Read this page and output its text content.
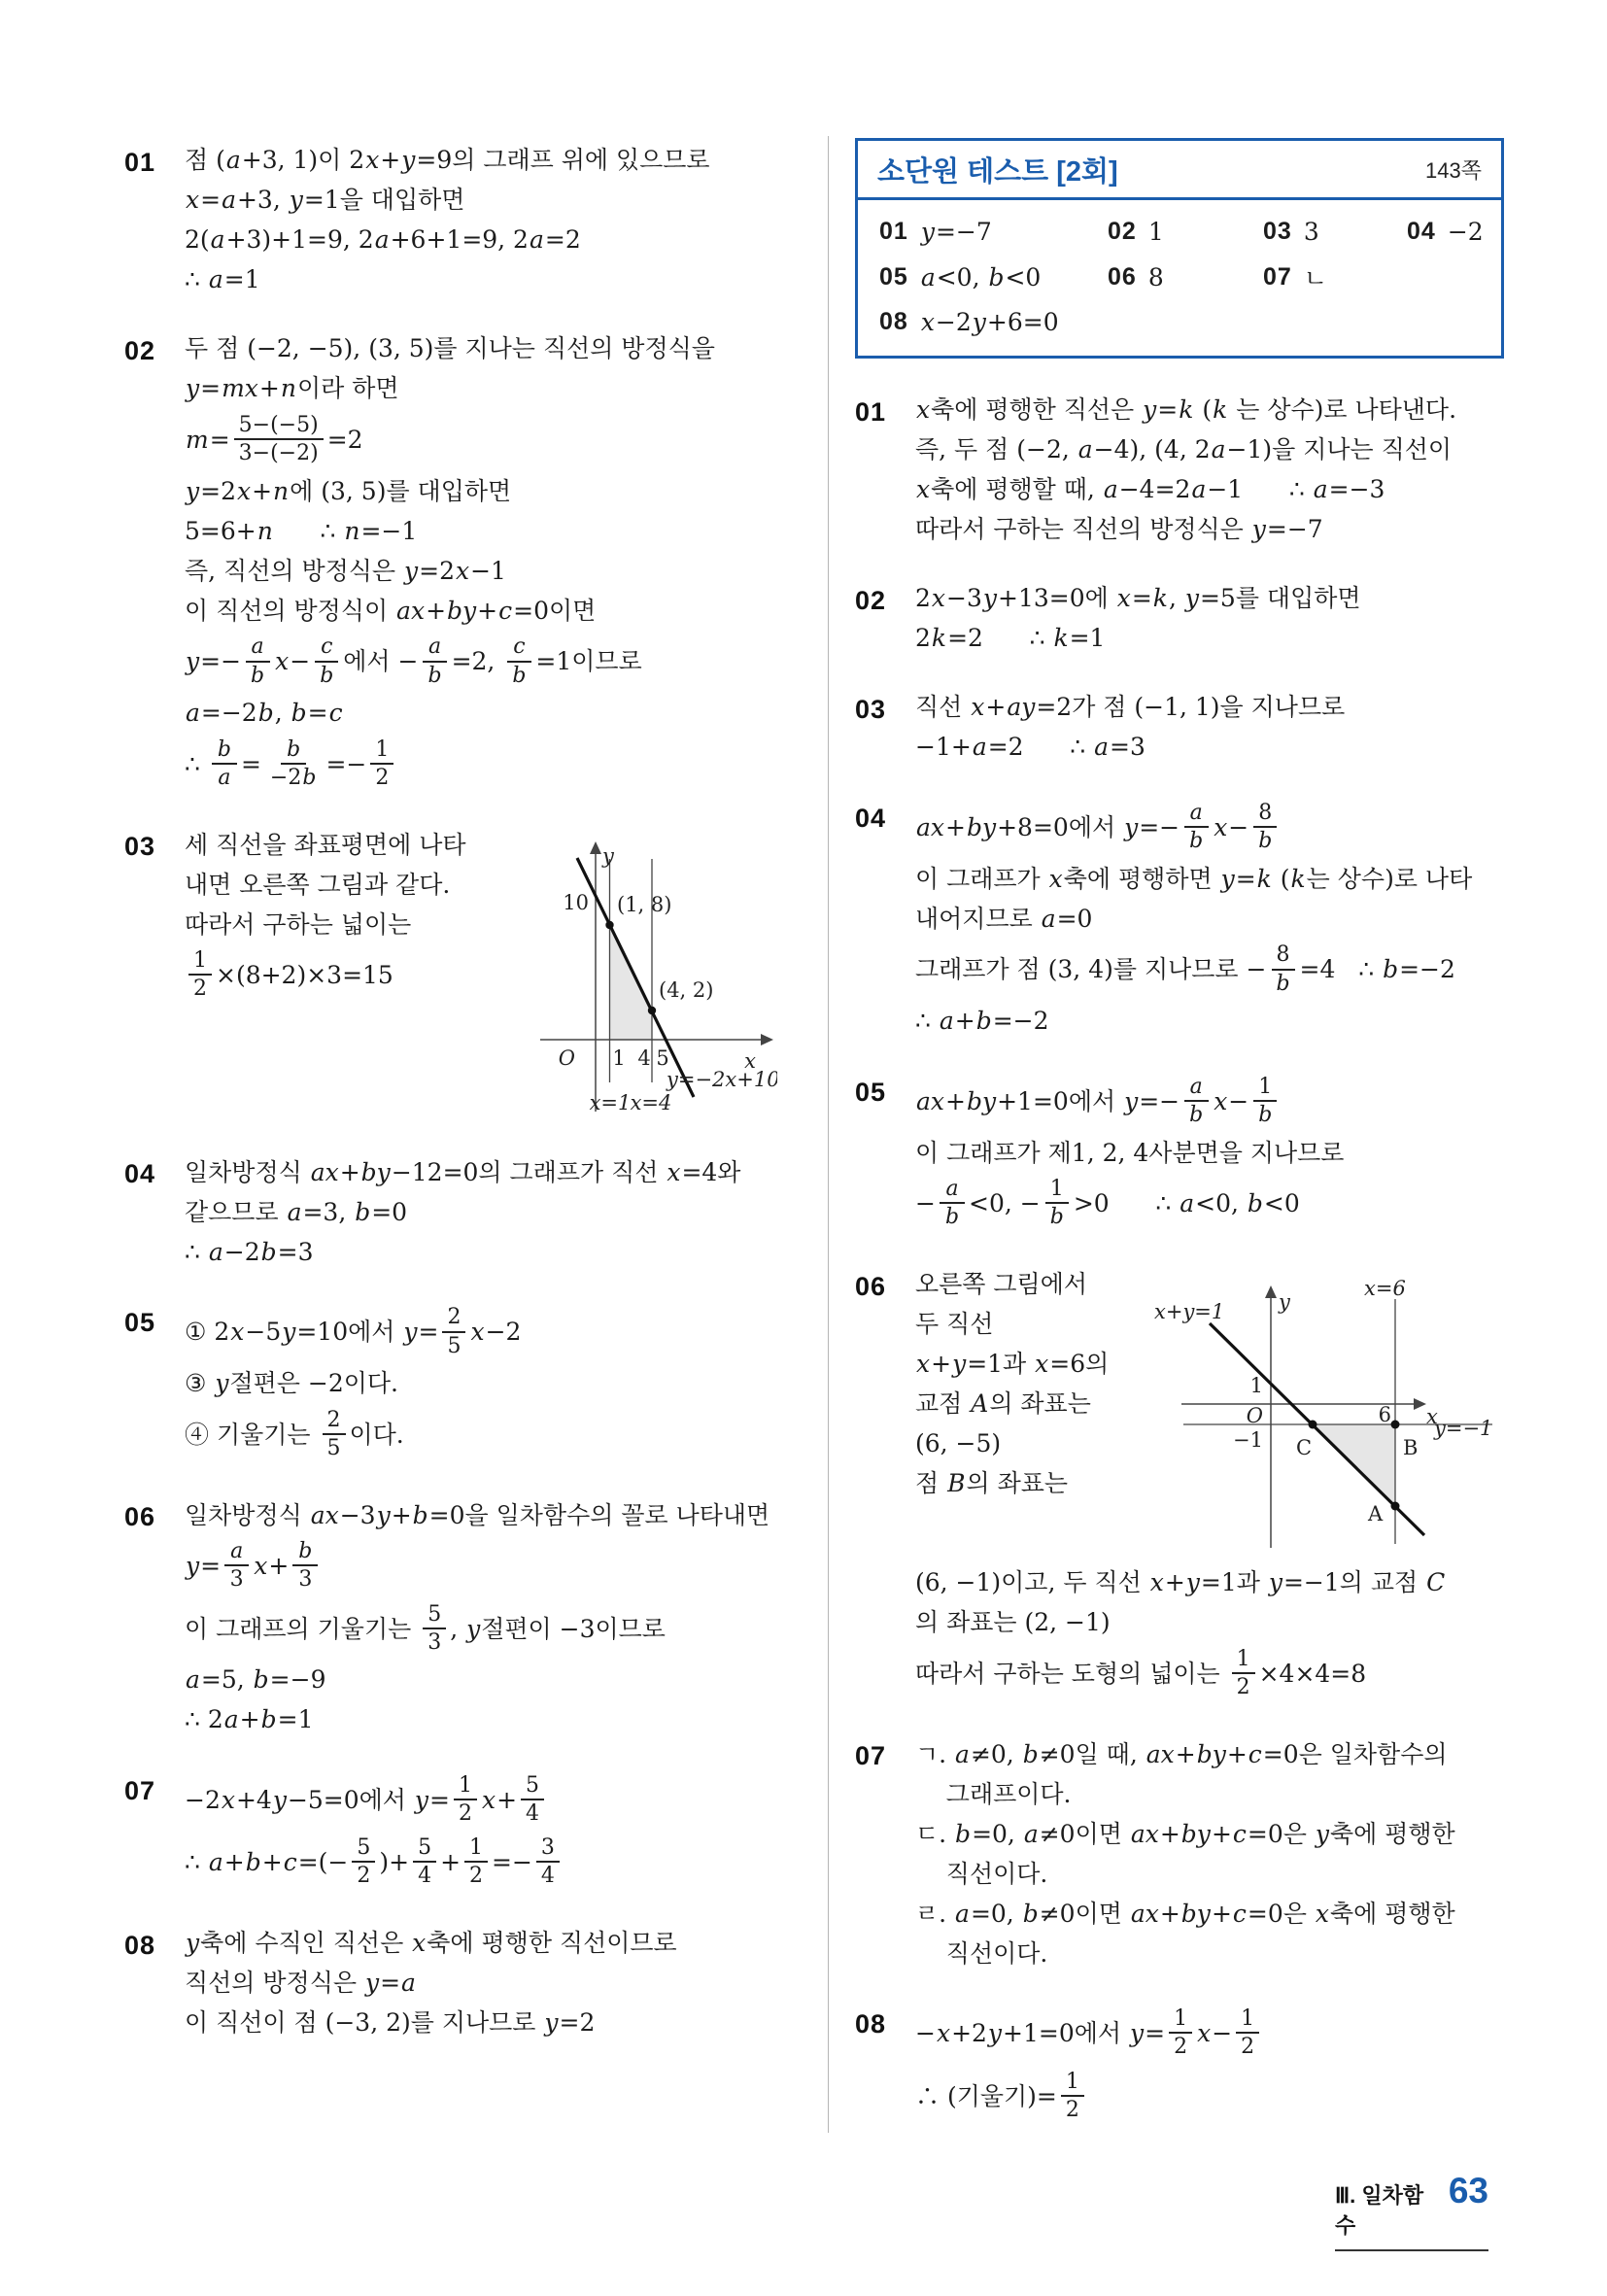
01	점 ( a +3, 1)이 2 x + y =9의 그래프 위에 있으므로
x = a +3, y =1을 대입하면
2( a +3)+1=9, 2 a +6+1=9, 2 a =2
∴ a =1
02	두 점 (−2, −5), (3, 5)를 지나는 직선의 방정식을
y = mx + n 이라 하면
$m = \frac{5-(-5)}{3-(-2)} =2$
y =2 x + n 에 (3, 5)를 대입하면
5=6+ n ∴ n =−1
즉, 직선의 방정식은 y =2 x −1
이 직선의 방정식이 ax + by + c =0이면
$y =- \frac{a}{b}$ $x - \frac{c}{b}$ 에서 − $\frac{a}{b} =2$, $\frac{c}{b} =1$이므로
a =−2 b , b = c
∴ $\frac{b}{a} = \frac{b}{-2 b} =- \frac{1}{2}$
03	세 직선을 좌표평면에 나타
내면 오른쪽 그림과 같다.
따라서 구하는 넓이는
$\frac{1}{2} \times(8+2)\times 3=15$
y
10 (1, 8)
(4, 2)
O 1 4 5	x
y=−2x+10
x=1 x=4
04	일차방정식 ax + by −12=0의 그래프가 직선 x =4와
같으므로 a =3, b =0
∴ a −2 b =3
05	① 2 x −5 y =10에서 $y = \frac{2}{5}$ x −2
③ y 절편은 −2이다.
④ 기울기는 $\frac{2}{5}$ 이다.
06	일차방정식 ax −3 y + b =0을 일차함수의 꼴로 나타내면
$y = \frac{a}{3}$ $x + \frac{b}{3}$
이 그래프의 기울기는 $\frac{5}{3}$ , y 절편이 −3이므로
a =5, b =−9
∴ 2 a + b =1
07	−2 x +4 y −5=0에서 $y = \frac{1}{2}$ $x + \frac{5}{4}$
∴ a + b + c =(− $\frac{5}{2}$ )+ $\frac{5}{4} + \frac{1}{2} =- \frac{3}{4}$
08	y 축에 수직인 직선은 x 축에 평행한 직선이므로
직선의 방정식은 y = a
이 직선이 점 (−3, 2)를 지나므로 y =2
소단원 테스트 [2회]	143쪽
01 y=−7	02 1	03 3	04 −2
05 a<0, b<0	06 8	07 ㄴ
08 x−2y+6=0
01	x 축에 평행한 직선은 y = k ( k 는 상수)로 나타낸다.
즉, 두 점 (−2, a −4), (4, 2 a −1)을 지나는 직선이
x 축에 평행할 때, a −4=2 a −1      ∴ a =−3
따라서 구하는 직선의 방정식은 y =−7
02	2 x −3 y +13=0에 x = k , y =5를 대입하면
2 k =2      ∴ k =1
03	직선 x + ay =2가 점 (−1, 1)을 지나므로
−1+ a =2      ∴ a =3
04	ax + by +8=0에서 $y =- \frac{a}{b}$ $x - \frac{8}{b}$
이 그래프가 x 축에 평행하면 y = k ( k 는 상수)로 나타
내어지므로 a =0
그래프가 점 (3, 4)를 지나므로 − $\frac{8}{b} =4$   ∴ b =−2
∴ a + b =−2
05	ax + by +1=0에서 $y =- \frac{a}{b}$ $x - \frac{1}{b}$
이 그래프가 제1, 2, 4사분면을 지나므로
− $\frac{a}{b} <0$, − $\frac{1}{b} >0$      ∴ a <0, b <0
06	오른쪽 그림에서
두 직선
x + y =1과 x =6의
교점 A 의 좌표는
(6, −5)
점 B 의 좌표는
x+y=1	y
x=6
1
O
−1
6 x
y=−1
C	B
A
(6, −1)이고, 두 직선 x + y =1과 y =−1의 교점 C
의 좌표는 (2, −1)
따라서 구하는 도형의 넓이는 $\frac{1}{2} \times 4\times 4=8$
07	ㄱ. a ≠0, b ≠0일 때, ax + by + c =0은 일차함수의
그래프이다.
ㄷ. b =0, a ≠0이면 ax + by + c =0은 y 축에 평행한
직선이다.
ㄹ. a =0, b ≠0이면 ax + by + c =0은 x 축에 평행한
직선이다.
08	− x +2 y +1=0에서 $y = \frac{1}{2}$ $x - \frac{1}{2}$
∴ (기울기)= $\frac{1}{2}$
Ⅲ. 일차함수
63
